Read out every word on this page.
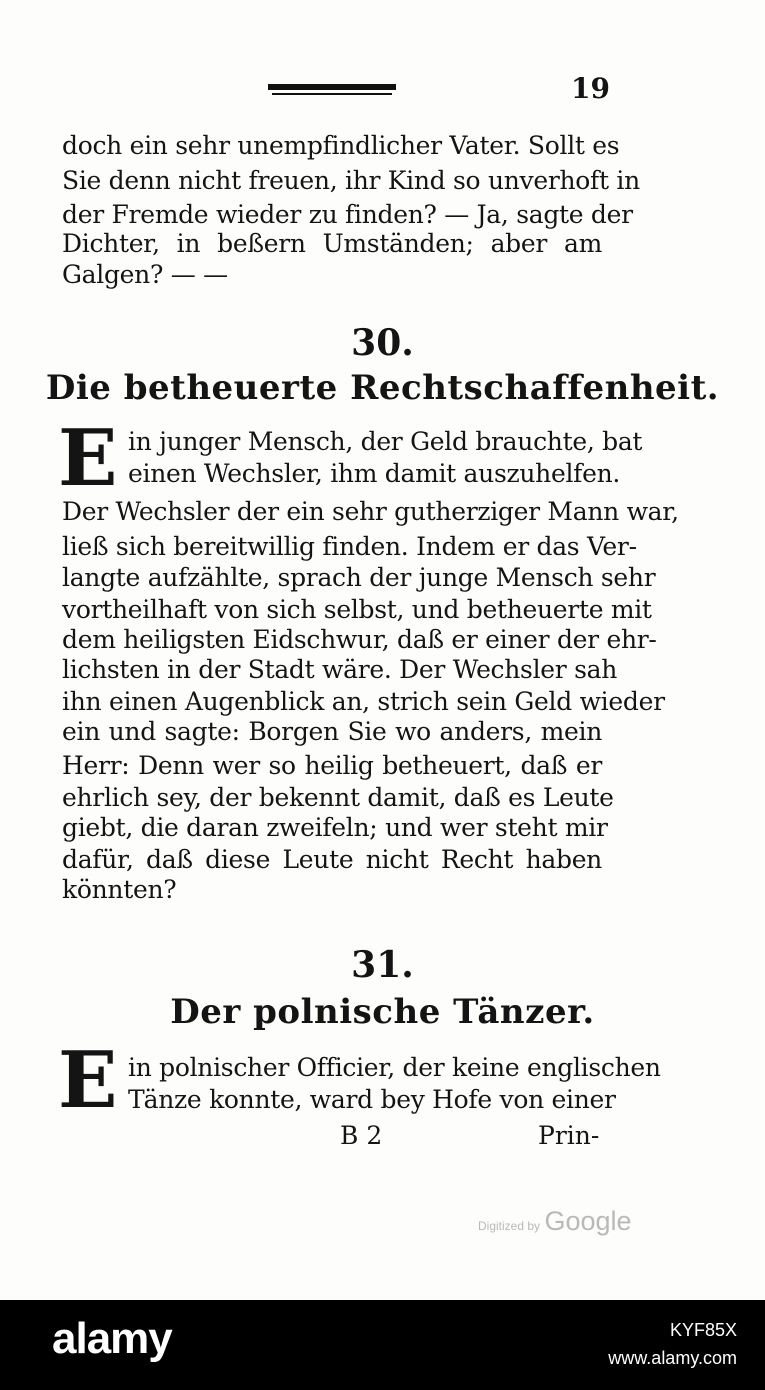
19
doch ein sehr unempfindlicher Vater. Sollt es
Sie denn nicht freuen, ihr Kind so unverhoft in
der Fremde wieder zu finden? — Ja, sagte der
Dichter, in beßern Umständen; aber am
Galgen? — —
30.
Die betheuerte Rechtschaffenheit.
E in junger Mensch, der Geld brauchte, bat
einen Wechsler, ihm damit auszuhelfen.
Der Wechsler der ein sehr gutherziger Mann war,
ließ sich bereitwillig finden. Indem er das Ver-
langte aufzählte, sprach der junge Mensch sehr
vortheilhaft von sich selbst, und betheuerte mit
dem heiligsten Eidschwur, daß er einer der ehr-
lichsten in der Stadt wäre. Der Wechsler sah
ihn einen Augenblick an, strich sein Geld wieder
ein und sagte: Borgen Sie wo anders, mein
Herr: Denn wer so heilig betheuert, daß er
ehrlich sey, der bekennt damit, daß es Leute
giebt, die daran zweifeln; und wer steht mir
dafür, daß diese Leute nicht Recht haben
könnten?
31.
Der polnische Tänzer.
E in polnischer Officier, der keine englischen
Tänze konnte, ward bey Hofe von einer
B 2	Prin-
Digitized by Google
alamy	KYF85X
www.alamy.com
